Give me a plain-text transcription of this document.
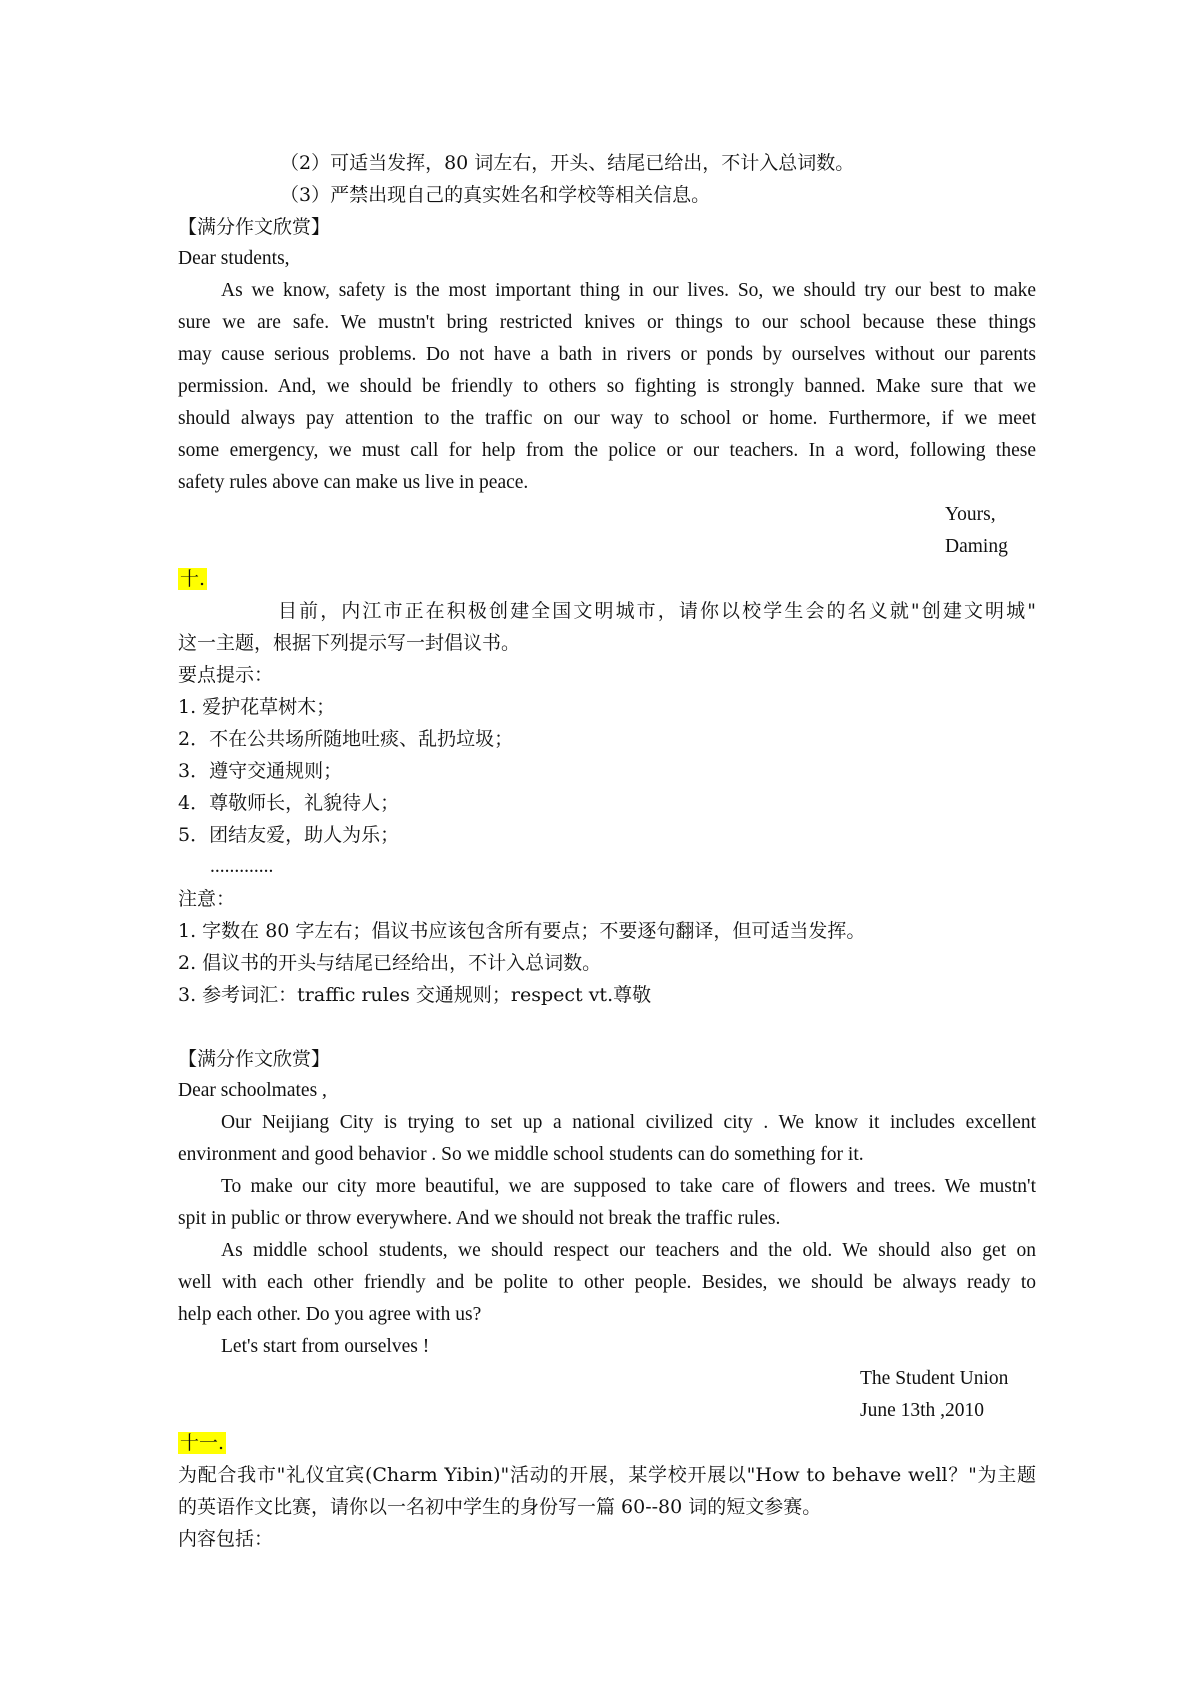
（2）可适当发挥，80 词左右，开头、结尾已给出，不计入总词数。

（3）严禁出现自己的真实姓名和学校等相关信息。

【满分作文欣赏】

Dear students,

As we know, safety is the most important thing in our lives. So, we should try our best to make

sure we are safe. We mustn't bring restricted knives or things to our school because these things

may cause serious problems. Do not have a bath in rivers or ponds by ourselves without our parents

permission. And, we should be friendly to others so fighting is strongly banned. Make sure that we

should always pay attention to the traffic on our way to school or home. Furthermore, if we meet

some emergency, we must call for help from the police or our teachers. In a word, following these

safety rules above can make us live in peace.

Yours,

Daming

十.

目前，内江市正在积极创建全国文明城市，请你以校学生会的名义就"创建文明城"

这一主题，根据下列提示写一封倡议书。

要点提示：

1. 爱护花草树木；

2．不在公共场所随地吐痰、乱扔垃圾；

3．遵守交通规则；

4．尊敬师长，礼貌待人；

5．团结友爱，助人为乐；

.............

注意：

1. 字数在 80 字左右；倡议书应该包含所有要点；不要逐句翻译，但可适当发挥。

2. 倡议书的开头与结尾已经给出，不计入总词数。

3. 参考词汇：traffic rules 交通规则；respect vt.尊敬

【满分作文欣赏】

Dear schoolmates ,

Our Neijiang City is trying to set up a national civilized city . We know it includes excellent

environment and good behavior . So we middle school students can do something for it.

To make our city more beautiful, we are supposed to take care of flowers and trees. We mustn't

spit in public or throw everywhere. And we should not break the traffic rules.

As middle school students, we should respect our teachers and the old. We should also get on

well with each other friendly and be polite to other people. Besides, we should be always ready to

help each other. Do you agree with us?

Let's start from ourselves !

The Student Union

June 13th ,2010

十一.

为配合我市"礼仪宜宾(Charm Yibin)"活动的开展，某学校开展以"How to behave well？"为主题

的英语作文比赛，请你以一名初中学生的身份写一篇 60--80 词的短文参赛。

内容包括：
